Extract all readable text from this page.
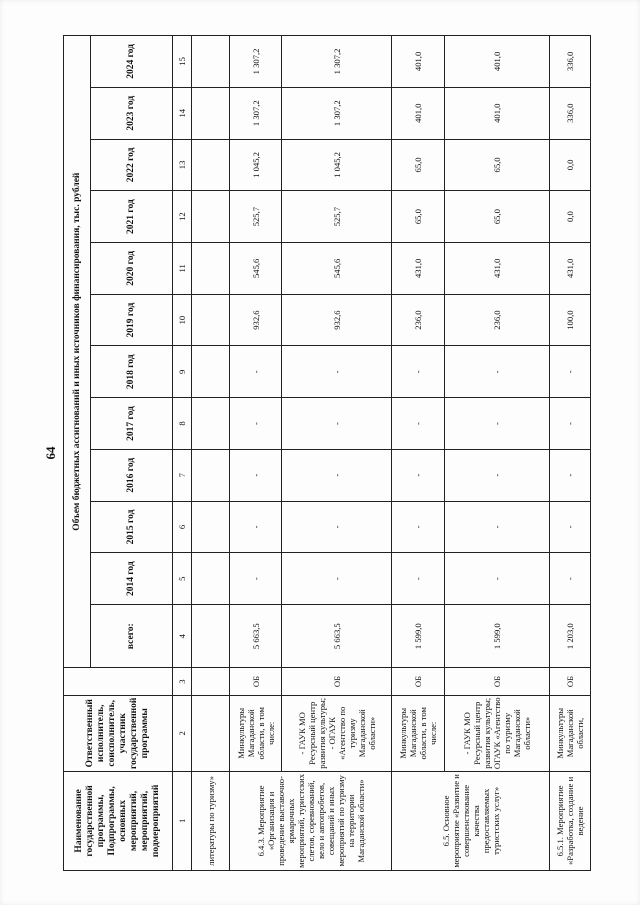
64
Наименование государственной программы, Подпрограммы, основных мероприятий, мероприятий, подмероприятий	Ответственный исполнитель, соисполнитель, участник государственной программы		Объем бюджетных ассигнований и иных источников финансирования, тыс. рублей											
			всего:	2014 год	2015 год	2016 год	2017 год	2018 год	2019 год	2020 год	2021 год	2022 год	2023 год	2024 год
1	2	3	4	5	6	7	8	9	10	11	12	13	14	15
литературы по туризму»														
6.4.3. Мероприятие «Организация и проведение выставочно-ярмарочных мероприятий, туристских слетов, соревнований, вело и автопробегов, совещаний и иных мероприятий по туризму на территории Магаданской области»	Минкультуры Магаданской области, в том числе:	ОБ	5 663,5	-	-	-	-	-	932,6	545,6	525,7	1 045,2	1 307,2	1 307,2
	- ГАУК МО Ресурсный центр развития культуры; - ОГАУК «Агентство по туризму Магаданской области»	ОБ	5 663,5	-	-	-	-	-	932,6	545,6	525,7	1 045,2	1 307,2	1 307,2
6.5. Основное мероприятие «Развитие и совершенствование качества предоставляемых туристских услуг»	Минкультуры Магаданской области, в том числе:	ОБ	1 599,0	-	-	-	-	-	236,0	431,0	65,0	65,0	401,0	401,0
	- ГАУК МО Ресурсный центр развития культуры; ОГАУК «Агентство по туризму Магаданской области»	ОБ	1 599,0	-	-	-	-	-	236,0	431,0	65,0	65,0	401,0	401,0
6.5.1. Мероприятие «Разработка, создание и ведение	Минкультуры Магаданской области,	ОБ	1 203,0	-	-	-	-	-	100,0	431,0	0,0	0,0	336,0	336,0
